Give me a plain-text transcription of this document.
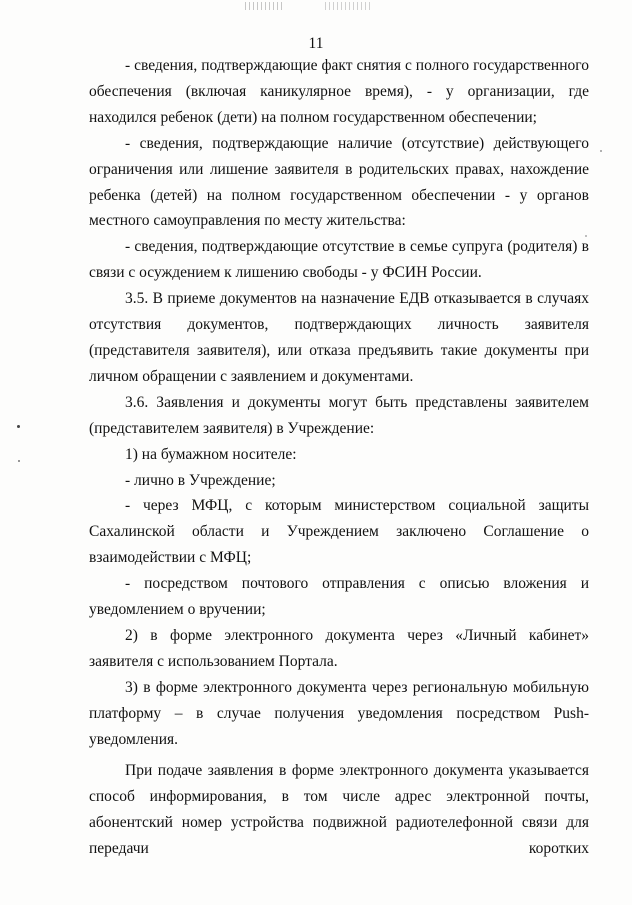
11

- сведения, подтверждающие факт снятия с полного государственного обеспечения (включая каникулярное время), - у организации, где находился ребенок (дети) на полном государственном обеспечении;

- сведения, подтверждающие наличие (отсутствие) действующего ограничения или лишение заявителя в родительских правах, нахождение ребенка (детей) на полном государственном обеспечении - у органов местного самоуправления по месту жительства:

- сведения, подтверждающие отсутствие в семье супруга (родителя) в связи с осуждением к лишению свободы - у ФСИН России.

3.5. В приеме документов на назначение ЕДВ отказывается в случаях отсутствия документов, подтверждающих личность заявителя (представителя заявителя), или отказа предъявить такие документы при личном обращении с заявлением и документами.

3.6. Заявления и документы могут быть представлены заявителем (представителем заявителя) в Учреждение:

1) на бумажном носителе:

- лично в Учреждение;

- через МФЦ, с которым министерством социальной защиты Сахалинской области и Учреждением заключено Соглашение о взаимодействии с МФЦ;

- посредством почтового отправления с описью вложения и уведомлением о вручении;

2) в форме электронного документа через «Личный кабинет» заявителя с использованием Портала.

3) в форме электронного документа через региональную мобильную платформу – в случае получения уведомления посредством Push-уведомления.

При подаче заявления в форме электронного документа указывается способ информирования, в том числе адрес электронной почты, абонентский номер устройства подвижной радиотелефонной связи для передачи коротких
